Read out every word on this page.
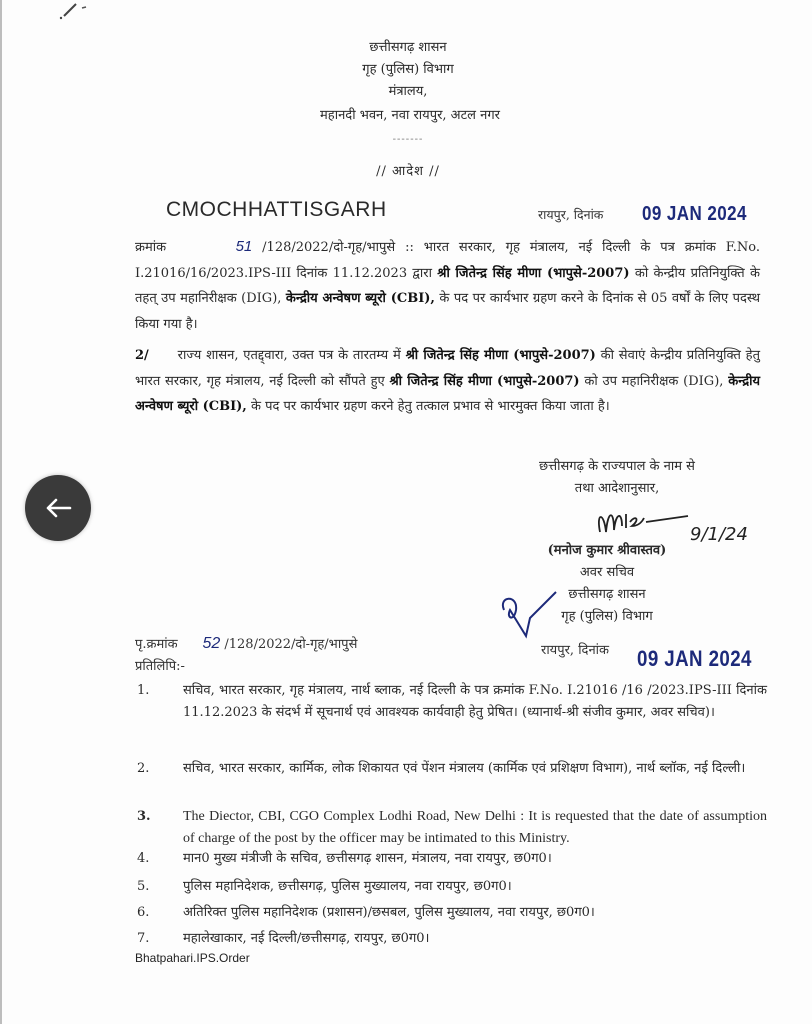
छत्तीसगढ़ शासन
गृह (पुलिस) विभाग
मंत्रालय,
महानदी भवन, नवा रायपुर, अटल नगर
-------
// आदेश //
CMOCHHATTISGARH	रायपुर, दिनांक 09 JAN 2024
क्रमांक	51 /128/2022/दो-गृह/भापुसे :: भारत सरकार, गृह मंत्रालय, नई दिल्ली के पत्र क्रमांक F.No. I.21016/16/2023.IPS-III दिनांक 11.12.2023 द्वारा श्री जितेन्द्र सिंह मीणा (भापुसे-2007) को केन्द्रीय प्रतिनियुक्ति के तहत् उप महानिरीक्षक (DIG), केन्द्रीय अन्वेषण ब्यूरो (CBI), के पद पर कार्यभार ग्रहण करने के दिनांक से 05 वर्षों के लिए पदस्थ किया गया है।
2/ राज्य शासन, एतद्द्वारा, उक्त पत्र के तारतम्य में श्री जितेन्द्र सिंह मीणा (भापुसे-2007) की सेवाएं केन्द्रीय प्रतिनियुक्ति हेतु भारत सरकार, गृह मंत्रालय, नई दिल्ली को सौंपते हुए श्री जितेन्द्र सिंह मीणा (भापुसे-2007) को उप महानिरीक्षक (DIG), केन्द्रीय अन्वेषण ब्यूरो (CBI), के पद पर कार्यभार ग्रहण करने हेतु तत्काल प्रभाव से भारमुक्त किया जाता है।
छत्तीसगढ़ के राज्यपाल के नाम से
तथा आदेशानुसार,
9/1/24
(मनोज कुमार श्रीवास्तव)
अवर सचिव
छत्तीसगढ़ शासन
गृह (पुलिस) विभाग
पृ.क्रमांक 52 /128/2022/दो-गृह/भापुसे
प्रतिलिपि:-
रायपुर, दिनांक 09 JAN 2024
1.	सचिव, भारत सरकार, गृह मंत्रालय, नार्थ ब्लाक, नई दिल्ली के पत्र क्रमांक F.No. I.21016 /16 /2023.IPS-III दिनांक 11.12.2023 के संदर्भ में सूचनार्थ एवं आवश्यक कार्यवाही हेतु प्रेषित। (ध्यानार्थ-श्री संजीव कुमार, अवर सचिव)।
2.	सचिव, भारत सरकार, कार्मिक, लोक शिकायत एवं पेंशन मंत्रालय (कार्मिक एवं प्रशिक्षण विभाग), नार्थ ब्लॉक, नई दिल्ली।
3.	The Diector, CBI, CGO Complex Lodhi Road, New Delhi : It is requested that the date of assumption of charge of the post by the officer may be intimated to this Ministry.
4.	मान0 मुख्य मंत्रीजी के सचिव, छत्तीसगढ़ शासन, मंत्रालय, नवा रायपुर, छ0ग0।
5.	पुलिस महानिदेशक, छत्तीसगढ़, पुलिस मुख्यालय, नवा रायपुर, छ0ग0।
6.	अतिरिक्त पुलिस महानिदेशक (प्रशासन)/छसबल, पुलिस मुख्यालय, नवा रायपुर, छ0ग0।
7.	महालेखाकार, नई दिल्ली/छत्तीसगढ़, रायपुर, छ0ग0।
Bhatpahari.IPS.Order
